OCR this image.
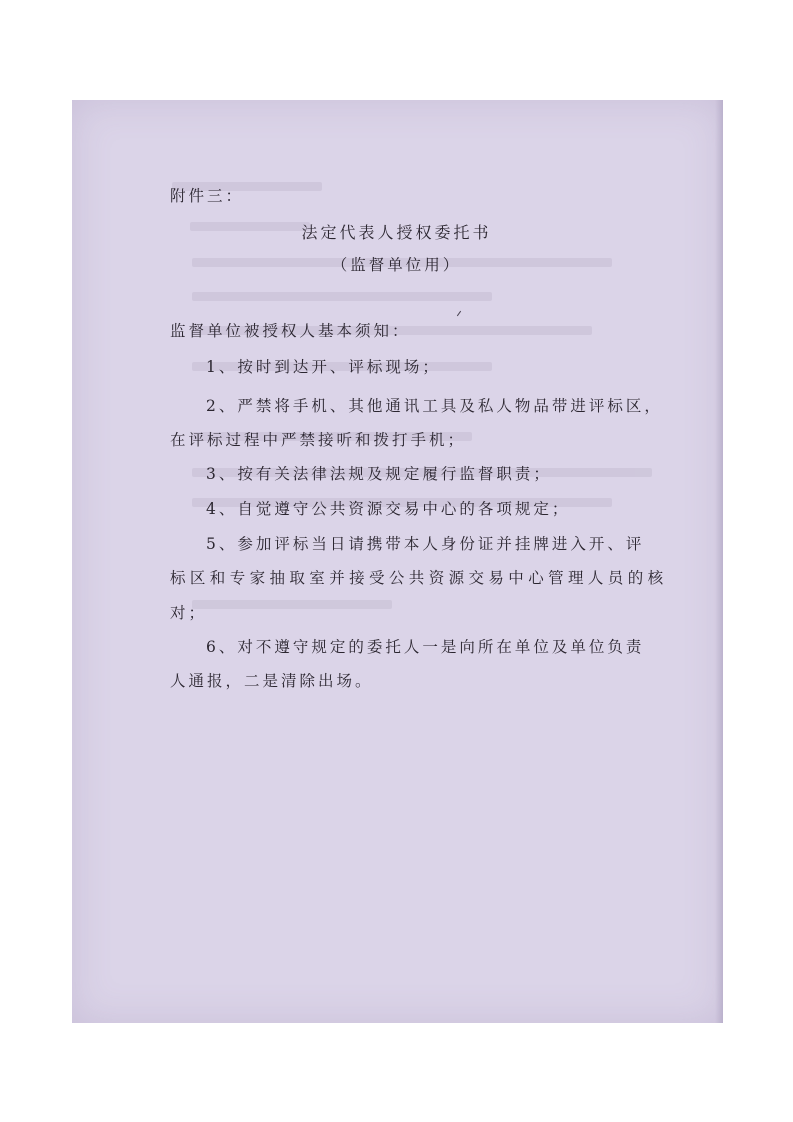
附件三：
法定代表人授权委托书
（监督单位用）
监督单位被授权人基本须知：
1、按时到达开、评标现场；
2、严禁将手机、其他通讯工具及私人物品带进评标区，
在评标过程中严禁接听和拨打手机；
3、按有关法律法规及规定履行监督职责；
4、自觉遵守公共资源交易中心的各项规定；
5、参加评标当日请携带本人身份证并挂牌进入开、评
标区和专家抽取室并接受公共资源交易中心管理人员的核
对；
6、对不遵守规定的委托人一是向所在单位及单位负责
人通报，二是清除出场。
